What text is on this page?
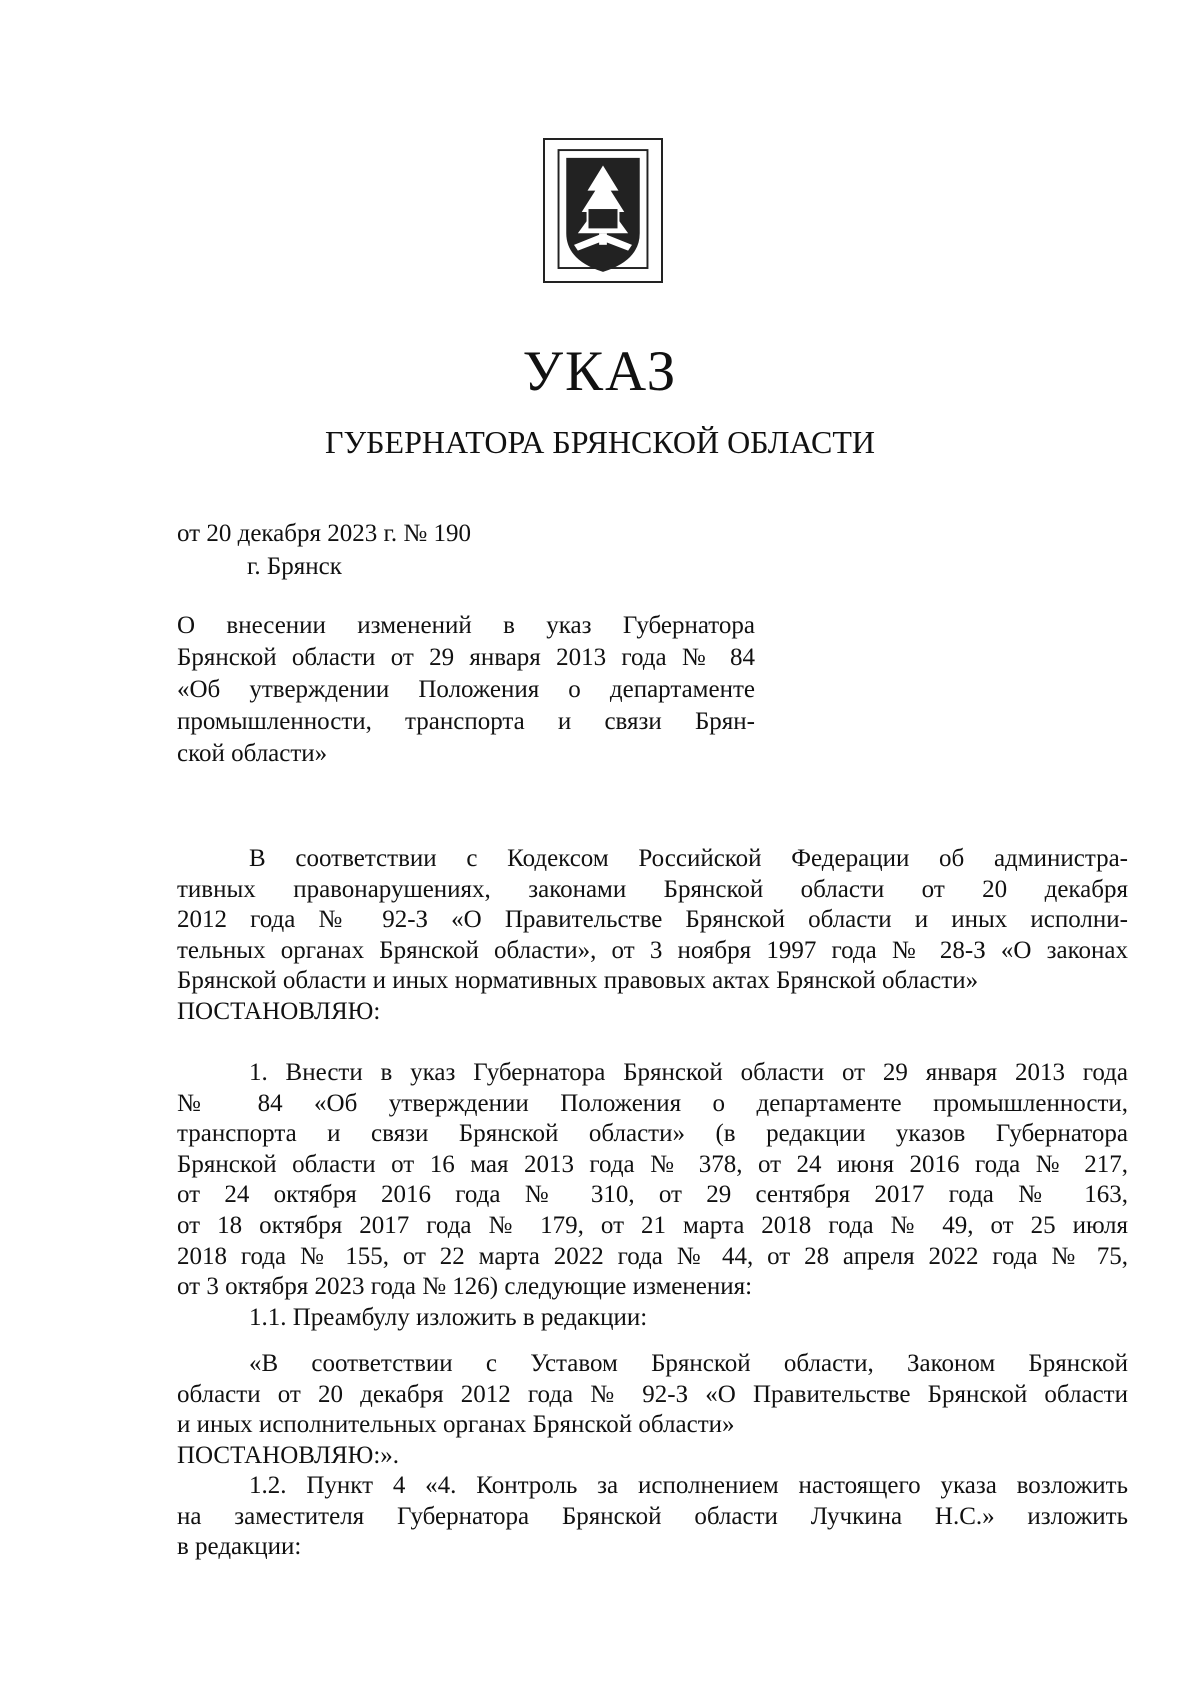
УКАЗ
ГУБЕРНАТОРА БРЯНСКОЙ ОБЛАСТИ
от 20 декабря 2023 г. № 190
г. Брянск
О внесении изменений в указ Губернатора
Брянской области от 29 января 2013 года № 84
«Об утверждении Положения о департаменте
промышленности, транспорта и связи Брян-
ской области»
В соответствии с Кодексом Российской Федерации об администра-
тивных правонарушениях, законами Брянской области от 20 декабря
2012 года № 92-З «О Правительстве Брянской области и иных исполни-
тельных органах Брянской области», от 3 ноября 1997 года № 28-З «О законах
Брянской области и иных нормативных правовых актах Брянской области»
ПОСТАНОВЛЯЮ:
1. Внести в указ Губернатора Брянской области от 29 января 2013 года
№ 84 «Об утверждении Положения о департаменте промышленности,
транспорта и связи Брянской области» (в редакции указов Губернатора
Брянской области от 16 мая 2013 года № 378, от 24 июня 2016 года № 217,
от 24 октября 2016 года № 310, от 29 сентября 2017 года № 163,
от 18 октября 2017 года № 179, от 21 марта 2018 года № 49, от 25 июля
2018 года № 155, от 22 марта 2022 года № 44, от 28 апреля 2022 года № 75,
от 3 октября 2023 года № 126) следующие изменения:
1.1. Преамбулу изложить в редакции:
«В соответствии с Уставом Брянской области, Законом Брянской
области от 20 декабря 2012 года № 92-З «О Правительстве Брянской области
и иных исполнительных органах Брянской области»
ПОСТАНОВЛЯЮ:».
1.2. Пункт 4 «4. Контроль за исполнением настоящего указа возложить
на заместителя Губернатора Брянской области Лучкина Н.С.» изложить
в редакции:
